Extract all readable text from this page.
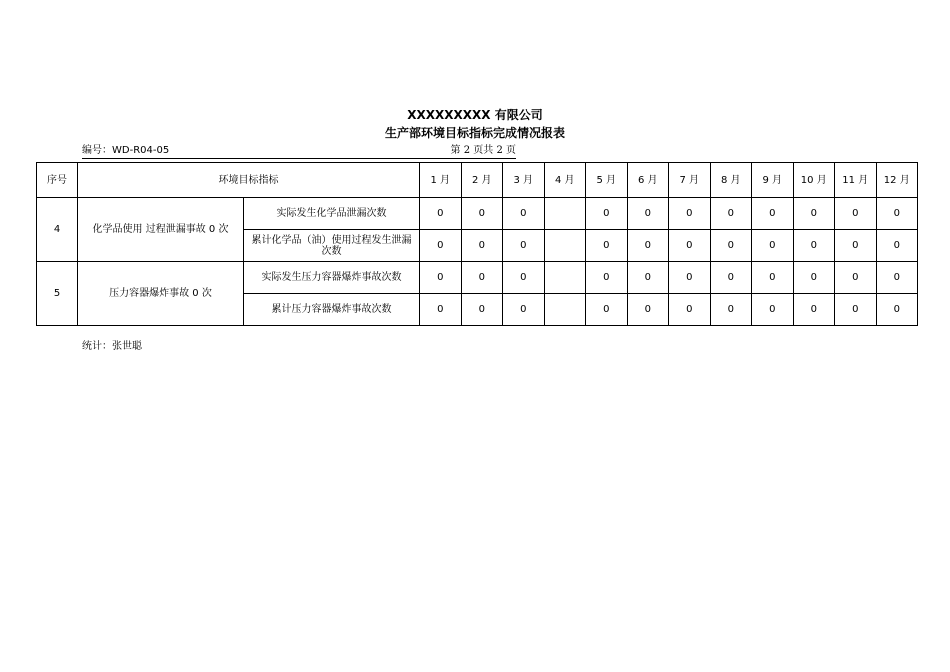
XXXXXXXXX 有限公司
生产部环境目标指标完成情况报表
编号：WD-R04-05	第 2 页共 2 页
序号	环境目标指标		1 月	2 月	3 月	4 月	5 月	6 月	7 月	8 月	9 月	10 月	11 月	12 月
4	化学品使用 过程泄漏事故 0 次	实际发生化学品泄漏次数	0	0	0		0	0	0	0	0	0	0	0
		累计化学品（油）使用过程发生泄漏次数	0	0	0		0	0	0	0	0	0	0	0
5	压力容器爆炸事故 0 次	实际发生压力容器爆炸事故次数	0	0	0		0	0	0	0	0	0	0	0
		累计压力容器爆炸事故次数	0	0	0		0	0	0	0	0	0	0	0
统计：张世聪
